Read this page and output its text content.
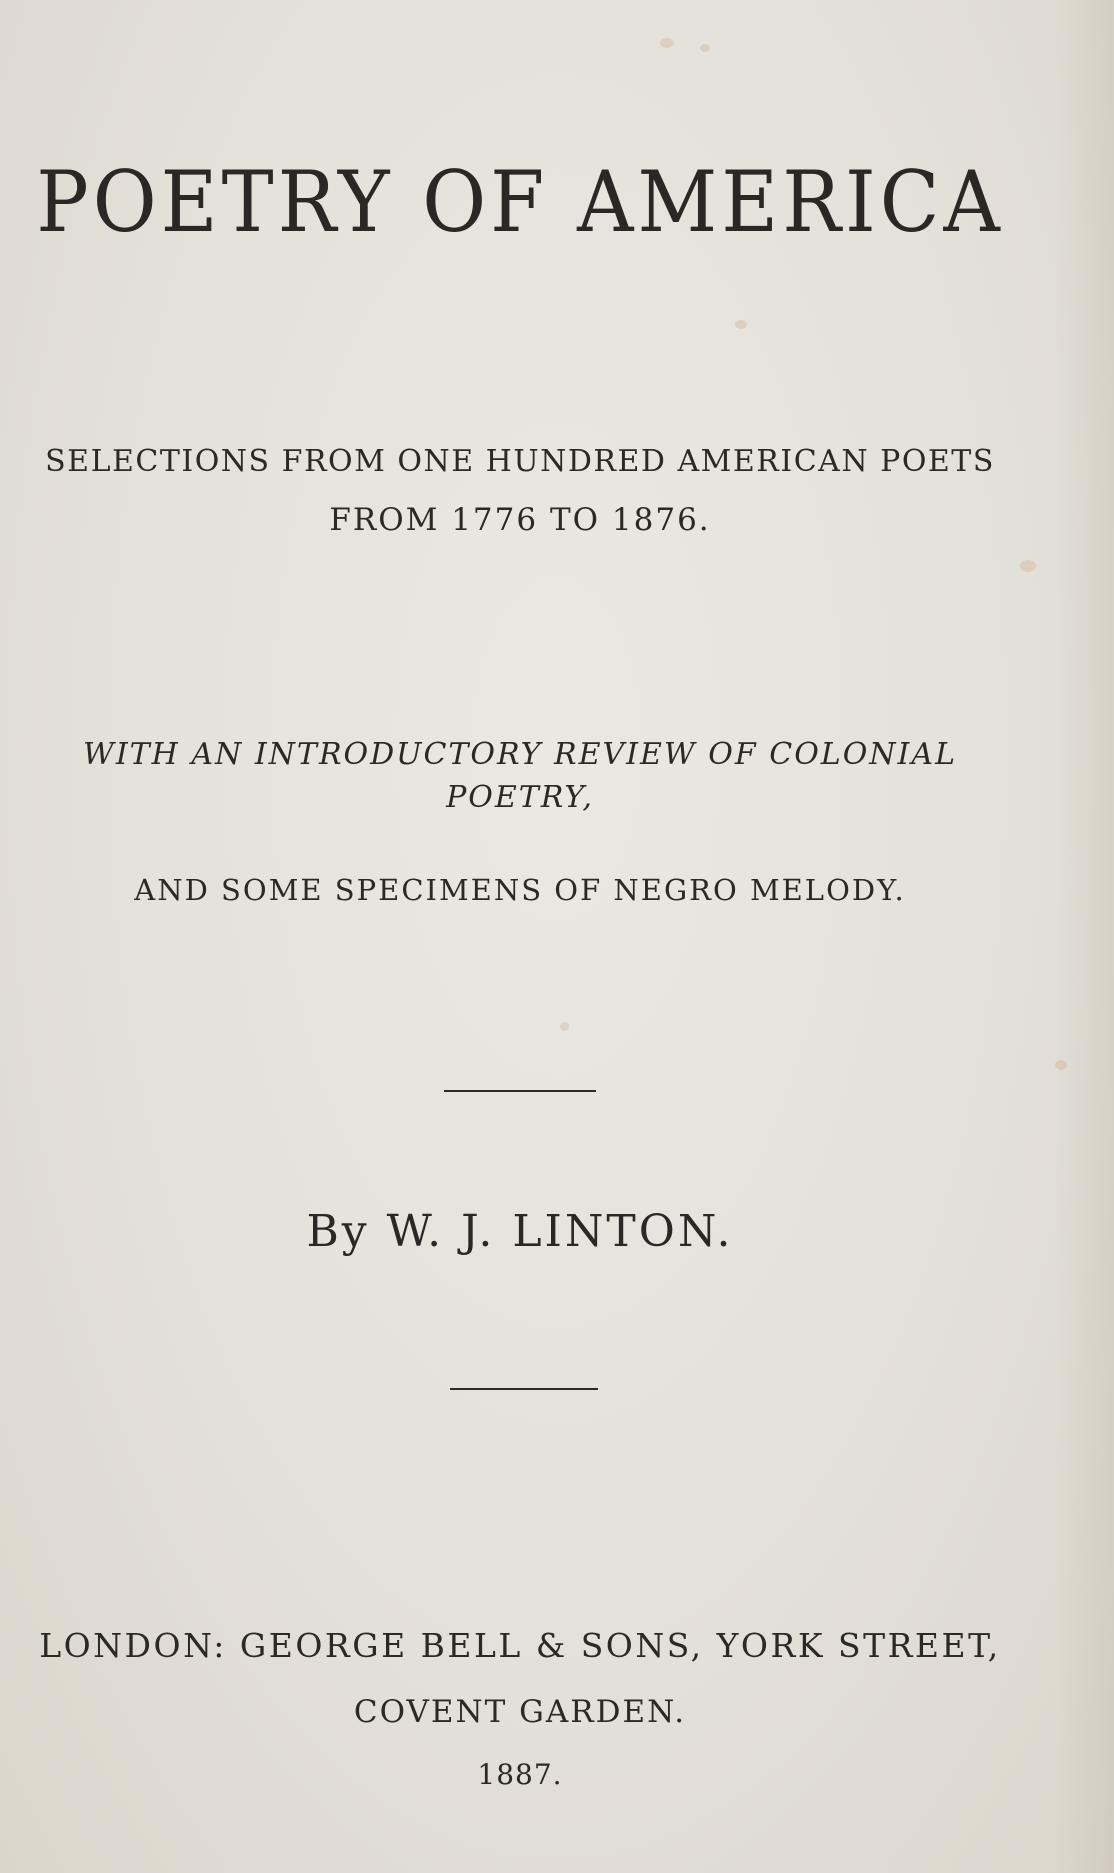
POETRY OF AMERICA
SELECTIONS FROM ONE HUNDRED AMERICAN POETS
FROM 1776 TO 1876.
WITH AN INTRODUCTORY REVIEW OF COLONIAL
POETRY,
AND SOME SPECIMENS OF NEGRO MELODY.
By W. J. LINTON.
LONDON: GEORGE BELL & SONS, YORK STREET,
COVENT GARDEN.
1887.
